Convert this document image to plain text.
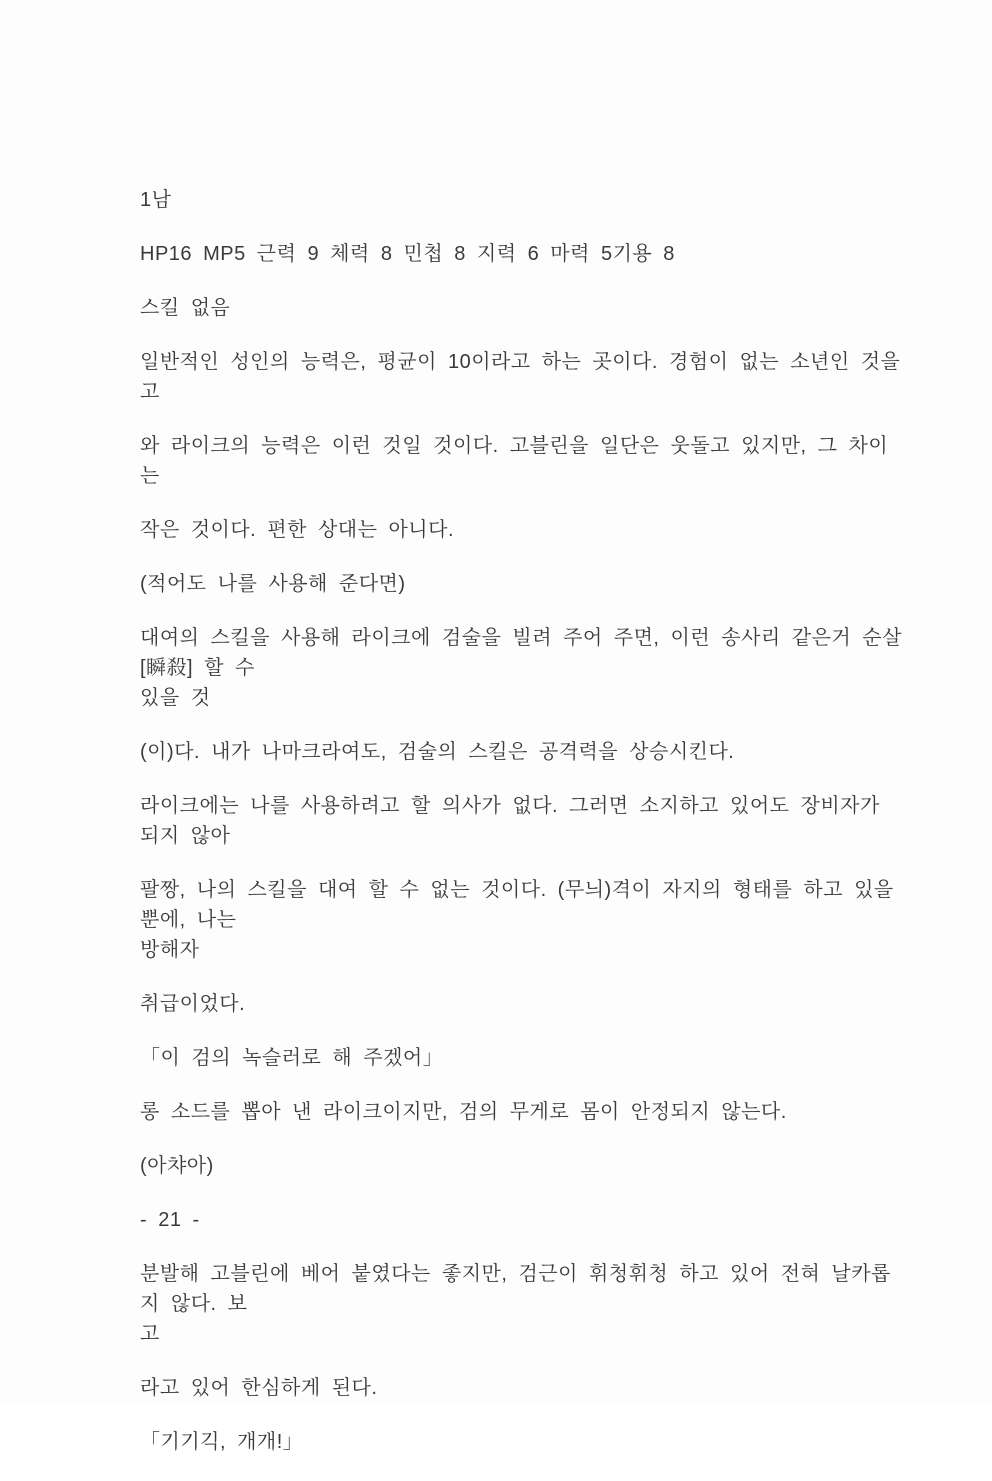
1남
HP16 MP5 근력 9 체력 8 민첩 8 지력 6 마력 5기용 8
스킬 없음
일반적인 성인의 능력은, 평균이 10이라고 하는 곳이다. 경험이 없는 소년인 것을 고
와 라이크의 능력은 이런 것일 것이다. 고블린을 일단은 웃돌고 있지만, 그 차이는
작은 것이다. 편한 상대는 아니다.
(적어도 나를 사용해 준다면)
대여의 스킬을 사용해 라이크에 검술을 빌려 주어 주면, 이런 송사리 같은거 순살[瞬殺] 할 수
있을 것
(이)다. 내가 나마크라여도, 검술의 스킬은 공격력을 상승시킨다.
라이크에는 나를 사용하려고 할 의사가 없다. 그러면 소지하고 있어도 장비자가 되지 않아
팔짱, 나의 스킬을 대여 할 수 없는 것이다. (무늬)격이 자지의 형태를 하고 있을 뿐에, 나는
방해자
취급이었다.
「이 검의 녹슬러로 해 주겠어」
롱 소드를 뽑아 낸 라이크이지만, 검의 무게로 몸이 안정되지 않는다.
(아챠아)
- 21 -
분발해 고블린에 베어 붙였다는 좋지만, 검근이 휘청휘청 하고 있어 전혀 날카롭지 않다. 보
고
라고 있어 한심하게 된다.
「기기긱, 개개!」
